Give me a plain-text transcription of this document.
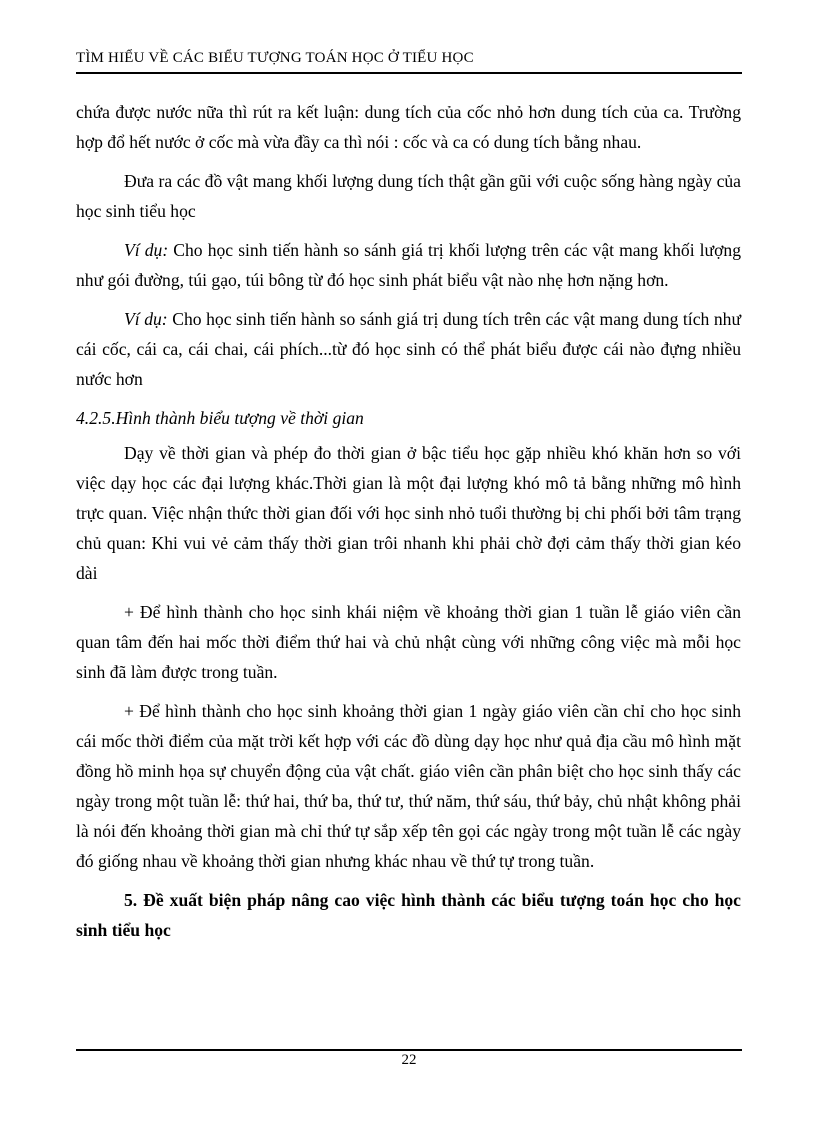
TÌM HIỂU VỀ CÁC BIỂU TƯỢNG TOÁN HỌC Ở TIỂU HỌC

chứa được nước nữa thì rút ra kết luận: dung tích của cốc nhỏ hơn dung tích của ca. Trường hợp đổ hết nước ở cốc mà vừa đầy ca thì nói : cốc và ca có dung tích bằng nhau.

Đưa ra các đồ vật mang khối lượng dung tích thật gần gũi với cuộc sống hàng ngày của học sinh tiểu học

Ví dụ: Cho học sinh tiến hành so sánh giá trị khối lượng trên các vật mang khối lượng như gói đường, túi gạo, túi bông từ đó học sinh phát biểu vật nào nhẹ hơn nặng hơn.

Ví dụ: Cho học sinh tiến hành so sánh giá trị dung tích trên các vật mang dung tích như cái cốc, cái ca, cái chai, cái phích...từ đó học sinh có thể phát biểu được cái nào đựng nhiều nước hơn

4.2.5.Hình thành biểu tượng về thời gian

Dạy về thời gian và phép đo thời gian ở bậc tiểu học gặp nhiều khó khăn hơn so với việc dạy học các đại lượng khác.Thời gian là một đại lượng khó mô tả bằng những mô hình trực quan. Việc nhận thức thời gian đối với học sinh nhỏ tuổi thường bị chi phối bởi tâm trạng chủ quan: Khi vui vẻ cảm thấy thời gian trôi nhanh khi phải chờ đợi cảm thấy thời gian kéo dài

+ Để hình thành cho học sinh khái niệm về khoảng thời gian 1 tuần lễ giáo viên cần quan tâm đến hai mốc thời điểm thứ hai và chủ nhật cùng với những công việc mà mỗi học sinh đã làm được trong tuần.

+ Để hình thành cho học sinh khoảng thời gian 1 ngày giáo viên cần chỉ cho học sinh cái mốc thời điểm của mặt trời kết hợp với các đồ dùng dạy học như quả địa cầu mô hình mặt đồng hồ minh họa sự chuyển động của vật chất. giáo viên cần phân biệt cho học sinh thấy các ngày trong một tuần lễ: thứ hai, thứ ba, thứ tư, thứ năm, thứ sáu, thứ bảy, chủ nhật không phải là nói đến khoảng thời gian mà chỉ thứ tự sắp xếp tên gọi các ngày trong một tuần lễ các ngày đó giống nhau về khoảng thời gian nhưng khác nhau về thứ tự trong tuần.

5. Đề xuất biện pháp nâng cao việc hình thành các biểu tượng toán học cho học sinh tiểu học

22
